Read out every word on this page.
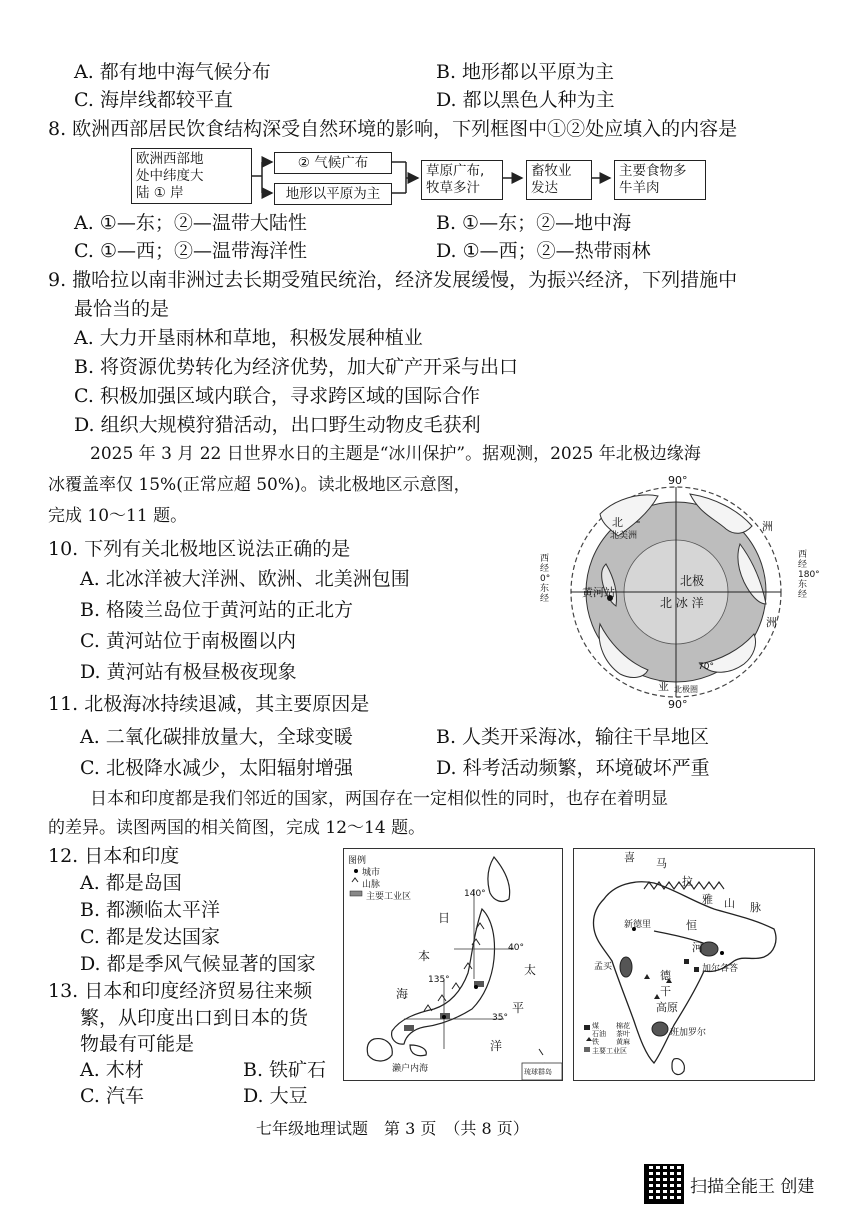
A. 都有地中海气候分布	B. 地形都以平原为主
C. 海岸线都较平直	D. 都以黑色人种为主
8. 欧洲西部居民饮食结构深受自然环境的影响，下列框图中①②处应填入的内容是
欧洲西部地
处中纬度大
陆 ① 岸
② 气候广布
地形以平原为主
草原广布,
牧草多汁
畜牧业
发达
主要食物多
牛羊肉
A. ①—东；②—温带大陆性	B. ①—东；②—地中海
C. ①—西；②—温带海洋性	D. ①—西；②—热带雨林
9. 撒哈拉以南非洲过去长期受殖民统治，经济发展缓慢，为振兴经济，下列措施中
最恰当的是
A. 大力开垦雨林和草地，积极发展种植业
B. 将资源优势转化为经济优势，加大矿产开采与出口
C. 积极加强区域内联合，寻求跨区域的国际合作
D. 组织大规模狩猎活动，出口野生动物皮毛获利
2025 年 3 月 22 日世界水日的主题是“冰川保护”。据观测，2025 年北极边缘海
冰覆盖率仅 15%(正常应超 50%)。读北极地区示意图，
完成 10～11 题。
90°
90°
西经0°东经
西经180°东经
北极
北 冰 洋
黄河站
北美洲
北	洲
洲
亚 北极圈
70°
10. 下列有关北极地区说法正确的是
A. 北冰洋被大洋洲、欧洲、北美洲包围
B. 格陵兰岛位于黄河站的正北方
C. 黄河站位于南极圈以内
D. 黄河站有极昼极夜现象
11. 北极海冰持续退减，其主要原因是
A. 二氧化碳排放量大，全球变暖	B. 人类开采海冰，输往干旱地区
C. 北极降水减少，太阳辐射增强	D. 科考活动频繁，环境破坏严重
日本和印度都是我们邻近的国家，两国存在一定相似性的同时，也存在着明显
的差异。读图两国的相关简图，完成 12～14 题。
12. 日本和印度
A. 都是岛国
B. 都濒临太平洋
C. 都是发达国家
D. 都是季风气候显著的国家
13. 日本和印度经济贸易往来频
繁，从印度出口到日本的货
物最有可能是
A. 木材	B. 铁矿石
C. 汽车	D. 大豆
图例
城市
山脉
主要工业区	140°
40°
135°
35°
日
本
海
太
平
洋
濑户内海	琉球群岛
喜 马
拉
雅 山 脉
恒
河
新德里
加尔各答
孟买
德
干
高原
班加罗尔
煤
石油
铁
棉花
茶叶
黄麻
主要工业区
七年级地理试题　第 3 页　（共 8 页）
扫描全能王 创建
